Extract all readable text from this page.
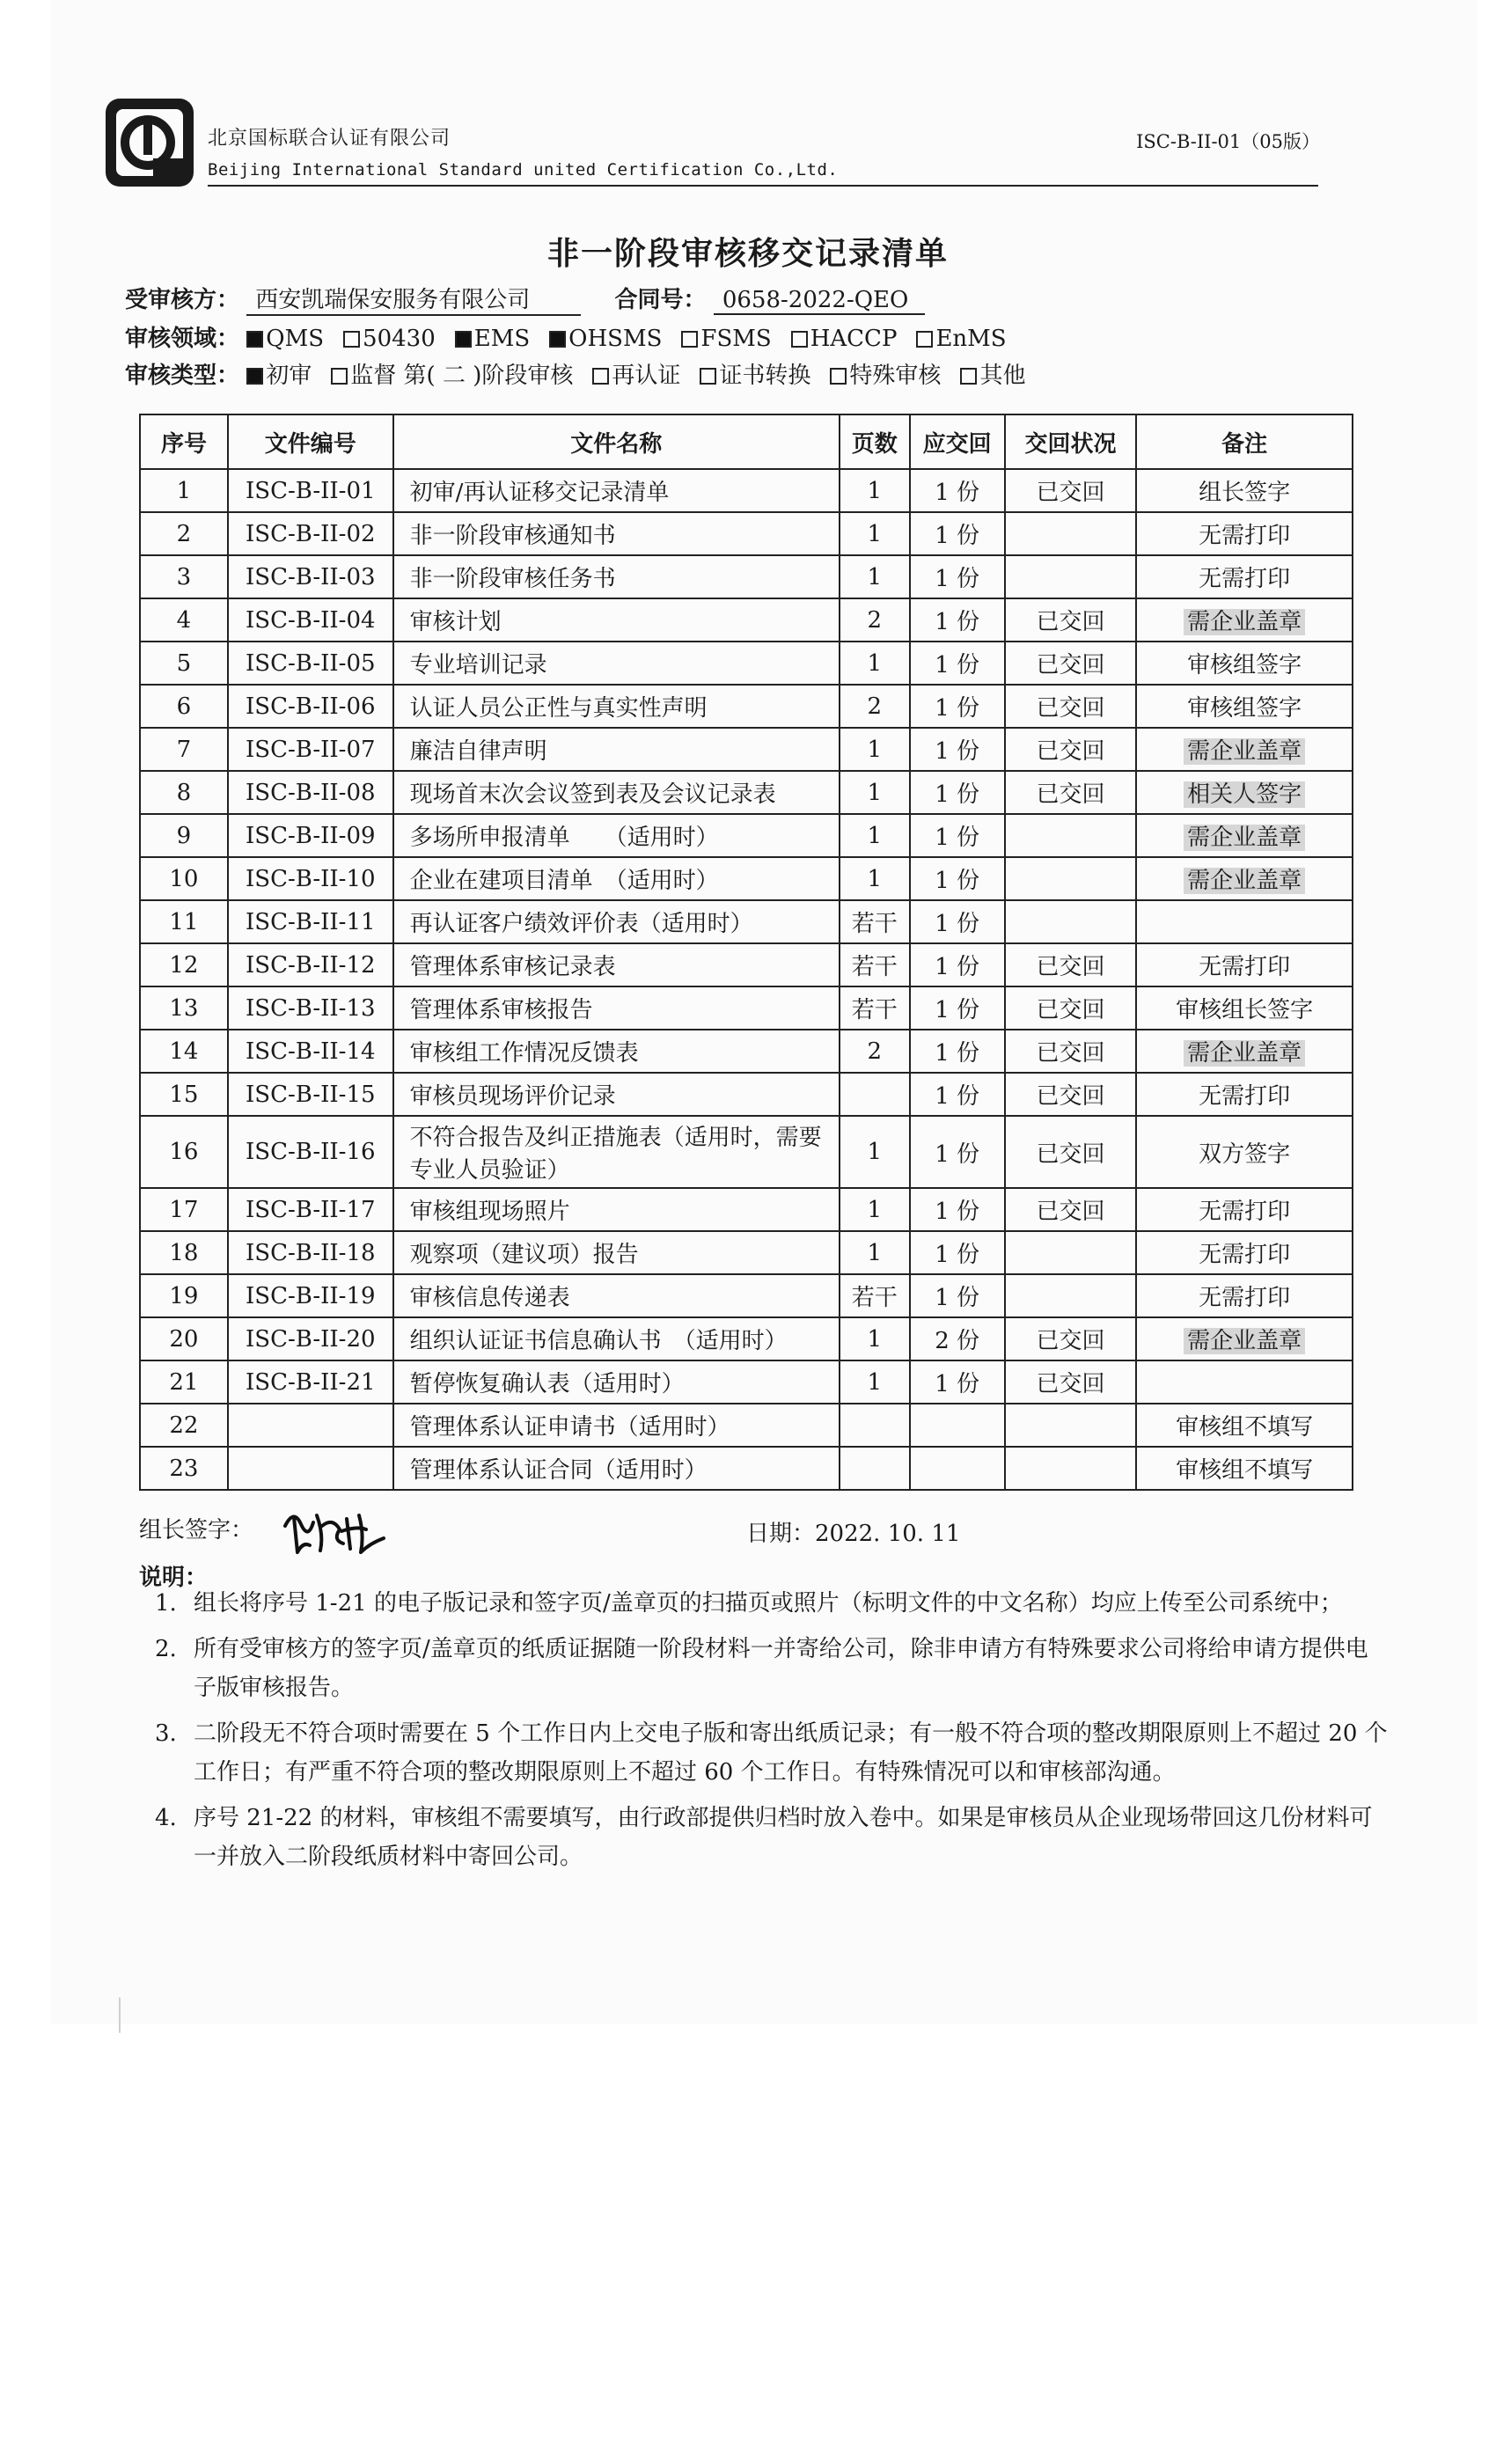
北京国标联合认证有限公司
Beijing International Standard united Certification Co.,Ltd.
ISC-B-II-01（05版）
非一阶段审核移交记录清单
受审核方： 西安凯瑞保安服务有限公司	合同号： 0658-2022-QEO
审核领域： QMS 50430 EMS OHSMS FSMS HACCP EnMS
审核类型： 初审 监督 第( 二 )阶段审核 再认证 证书转换 特殊审核 其他
序号	文件编号	文件名称	页数	应交回	交回状况	备注
1	ISC-B-II-01	初审/再认证移交记录清单	1	1 份	已交回	组长签字
2	ISC-B-II-02	非一阶段审核通知书	1	1 份		无需打印
3	ISC-B-II-03	非一阶段审核任务书	1	1 份		无需打印
4	ISC-B-II-04	审核计划	2	1 份	已交回	需企业盖章
5	ISC-B-II-05	专业培训记录	1	1 份	已交回	审核组签字
6	ISC-B-II-06	认证人员公正性与真实性声明	2	1 份	已交回	审核组签字
7	ISC-B-II-07	廉洁自律声明	1	1 份	已交回	需企业盖章
8	ISC-B-II-08	现场首末次会议签到表及会议记录表	1	1 份	已交回	相关人签字
9	ISC-B-II-09	多场所申报清单　　（适用时）	1	1 份		需企业盖章
10	ISC-B-II-10	企业在建项目清单　（适用时）	1	1 份		需企业盖章
11	ISC-B-II-11	再认证客户绩效评价表（适用时）	若干	1 份		
12	ISC-B-II-12	管理体系审核记录表	若干	1 份	已交回	无需打印
13	ISC-B-II-13	管理体系审核报告	若干	1 份	已交回	审核组长签字
14	ISC-B-II-14	审核组工作情况反馈表	2	1 份	已交回	需企业盖章
15	ISC-B-II-15	审核员现场评价记录		1 份	已交回	无需打印
16	ISC-B-II-16	不符合报告及纠正措施表（适用时，需要专业人员验证）	1	1 份	已交回	双方签字
17	ISC-B-II-17	审核组现场照片	1	1 份	已交回	无需打印
18	ISC-B-II-18	观察项（建议项）报告	1	1 份		无需打印
19	ISC-B-II-19	审核信息传递表	若干	1 份		无需打印
20	ISC-B-II-20	组织认证证书信息确认书　（适用时）	1	2 份	已交回	需企业盖章
21	ISC-B-II-21	暂停恢复确认表（适用时）	1	1 份	已交回	
22		管理体系认证申请书（适用时）				审核组不填写
23		管理体系认证合同（适用时）				审核组不填写
组长签字：	日期：2022. 10. 11
说明：
1. 组长将序号 1-21 的电子版记录和签字页/盖章页的扫描页或照片（标明文件的中文名称）均应上传至公司系统中；
2. 所有受审核方的签字页/盖章页的纸质证据随一阶段材料一并寄给公司，除非申请方有特殊要求公司将给申请方提供电子版审核报告。
3. 二阶段无不符合项时需要在 5 个工作日内上交电子版和寄出纸质记录；有一般不符合项的整改期限原则上不超过 20 个工作日；有严重不符合项的整改期限原则上不超过 60 个工作日。有特殊情况可以和审核部沟通。
4. 序号 21-22 的材料，审核组不需要填写，由行政部提供归档时放入卷中。如果是审核员从企业现场带回这几份材料可一并放入二阶段纸质材料中寄回公司。
